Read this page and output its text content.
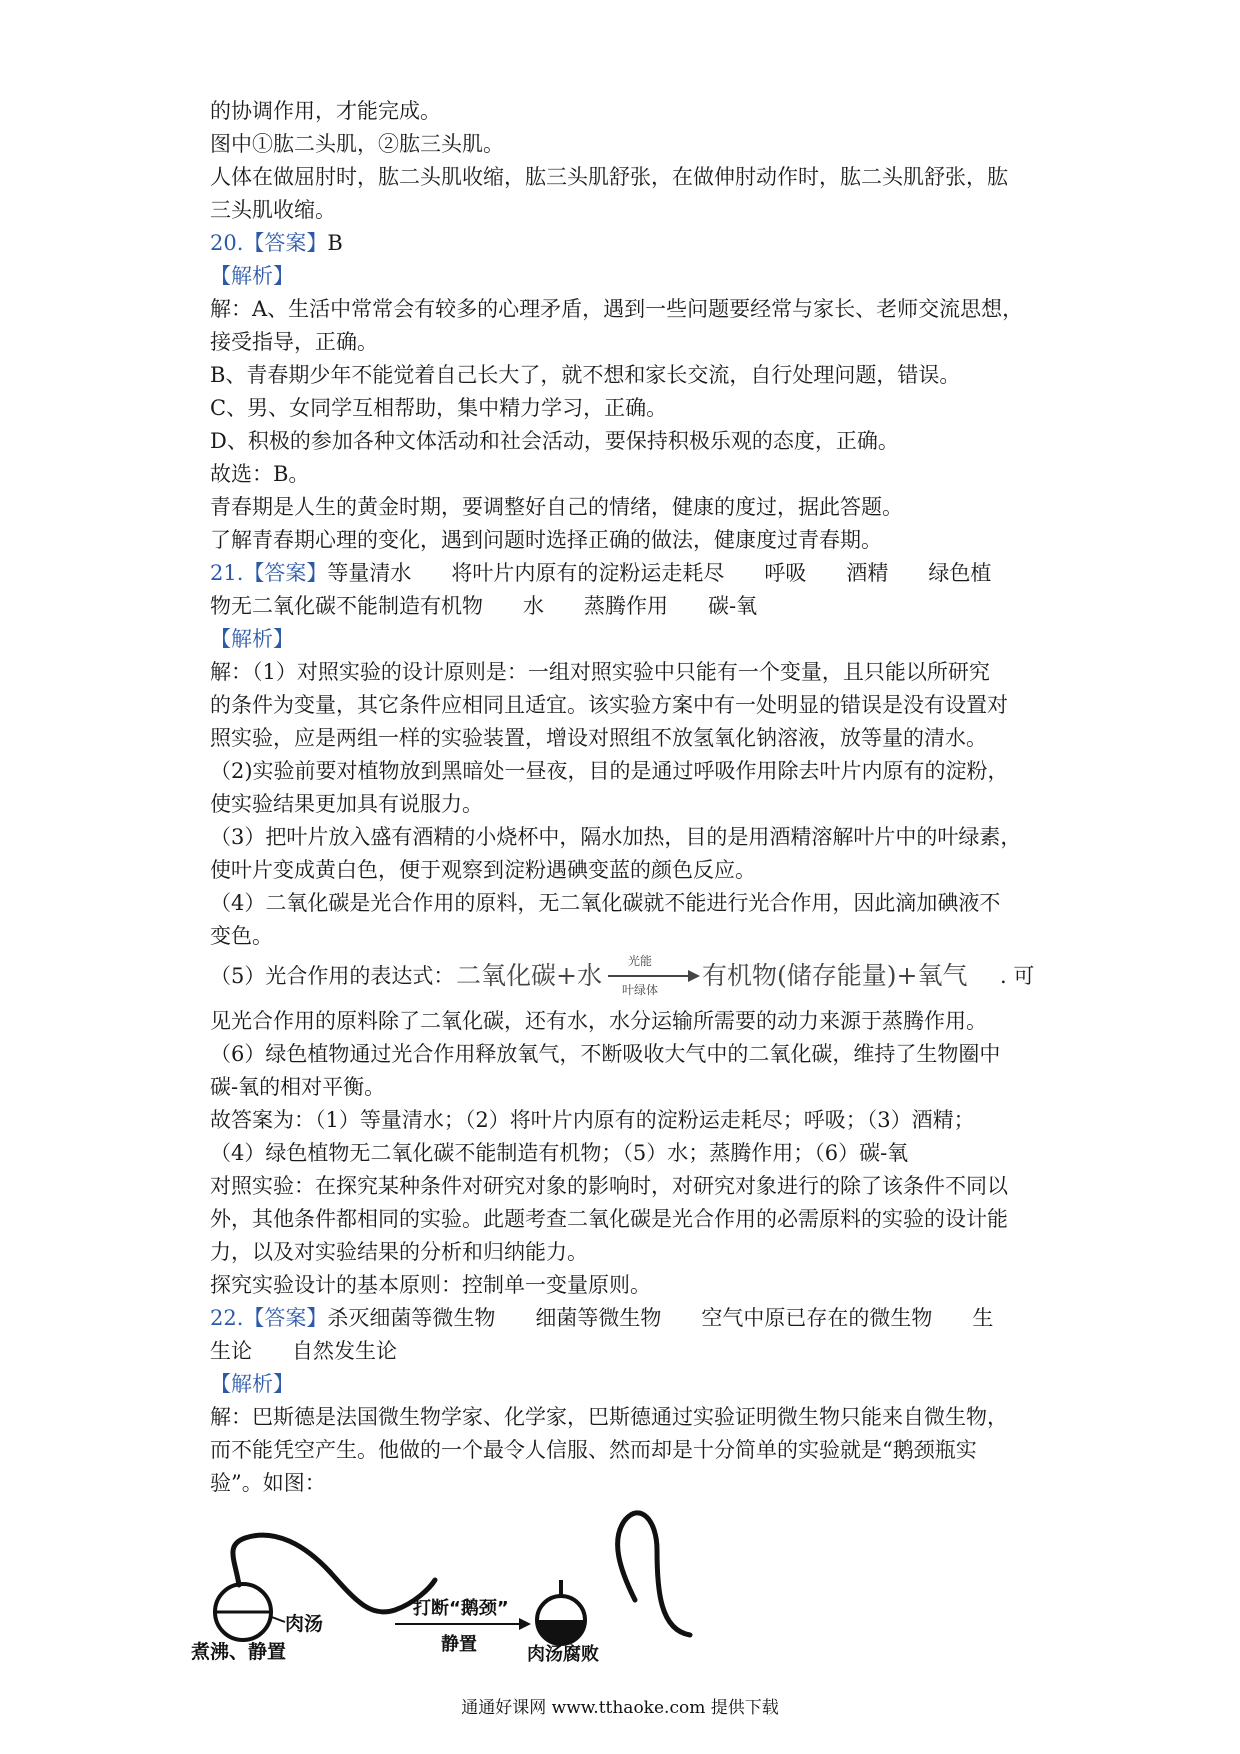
的协调作用，才能完成。
图中①肱二头肌，②肱三头肌。
人体在做屈肘时，肱二头肌收缩，肱三头肌舒张，在做伸肘动作时，肱二头肌舒张，肱
三头肌收缩。
20.【答案】B
【解析】
解：A、生活中常常会有较多的心理矛盾，遇到一些问题要经常与家长、老师交流思想，
接受指导，正确。
B、青春期少年不能觉着自己长大了，就不想和家长交流，自行处理问题，错误。
C、男、女同学互相帮助，集中精力学习，正确。
D、积极的参加各种文体活动和社会活动，要保持积极乐观的态度，正确。
故选：B。
青春期是人生的黄金时期，要调整好自己的情绪，健康的度过，据此答题。
了解青春期心理的变化，遇到问题时选择正确的做法，健康度过青春期。
21.【答案】等量清水 将叶片内原有的淀粉运走耗尽 呼吸 酒精 绿色植
物无二氧化碳不能制造有机物 水 蒸腾作用 碳-氧
【解析】
解：（1）对照实验的设计原则是：一组对照实验中只能有一个变量，且只能以所研究
的条件为变量，其它条件应相同且适宜。该实验方案中有一处明显的错误是没有设置对
照实验，应是两组一样的实验装置，增设对照组不放氢氧化钠溶液，放等量的清水。
（2)实验前要对植物放到黑暗处一昼夜，目的是通过呼吸作用除去叶片内原有的淀粉，
使实验结果更加具有说服力。
（3）把叶片放入盛有酒精的小烧杯中，隔水加热，目的是用酒精溶解叶片中的叶绿素，
使叶片变成黄白色，便于观察到淀粉遇碘变蓝的颜色反应。
（4）二氧化碳是光合作用的原料，无二氧化碳就不能进行光合作用，因此滴加碘液不
变色。
（5）光合作用的表达式： 二氧化碳+水 光能
叶绿体 有机物(储存能量)+氧气 . 可
见光合作用的原料除了二氧化碳，还有水，水分运输所需要的动力来源于蒸腾作用。
（6）绿色植物通过光合作用释放氧气，不断吸收大气中的二氧化碳，维持了生物圈中
碳-氧的相对平衡。
故答案为：（1）等量清水；（2）将叶片内原有的淀粉运走耗尽；呼吸；（3）酒精；
（4）绿色植物无二氧化碳不能制造有机物；（5）水；蒸腾作用；（6）碳-氧
对照实验：在探究某种条件对研究对象的影响时，对研究对象进行的除了该条件不同以
外，其他条件都相同的实验。此题考查二氧化碳是光合作用的必需原料的实验的设计能
力，以及对实验结果的分析和归纳能力。
探究实验设计的基本原则：控制单一变量原则。
22.【答案】杀灭细菌等微生物 细菌等微生物 空气中原已存在的微生物 生
生论 自然发生论
【解析】
解：巴斯德是法国微生物学家、化学家，巴斯德通过实验证明微生物只能来自微生物，
而不能凭空产生。他做的一个最令人信服、然而却是十分简单的实验就是“鹅颈瓶实
验”。如图：
肉汤
煮沸、静置
打断“鹅颈”
静置	肉汤腐败
通通好课网 www.tthaoke.com 提供下载
